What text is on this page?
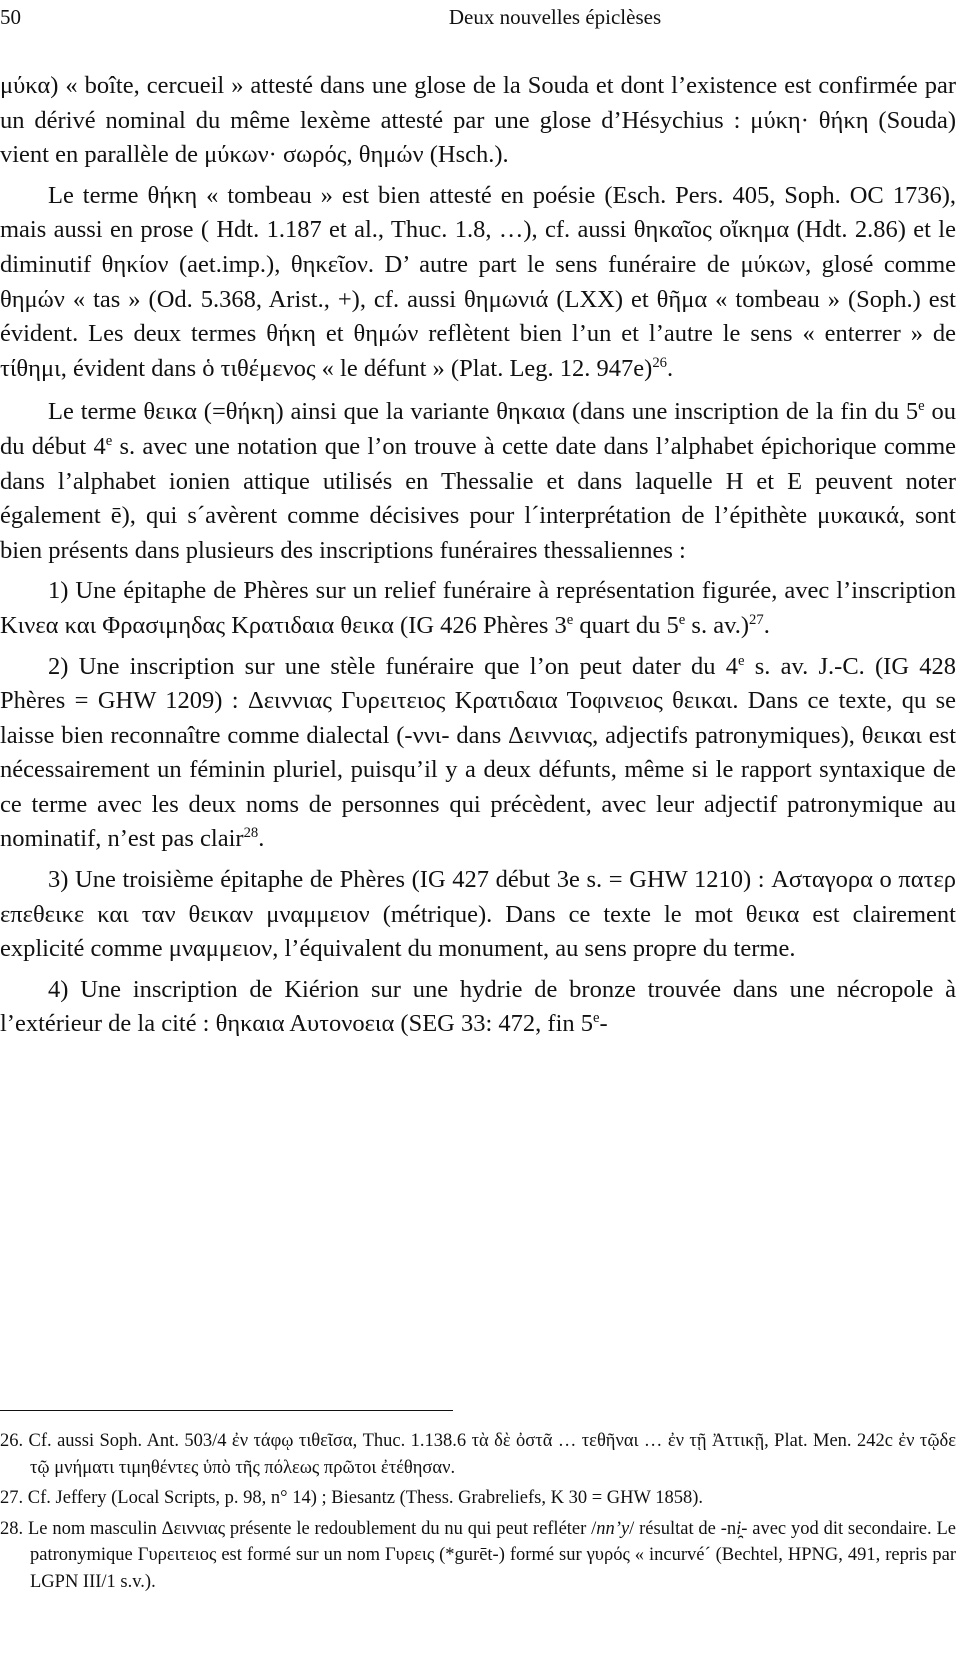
50	Deux nouvelles épiclèses

μύκα) « boîte, cercueil » attesté dans une glose de la Souda et dont l’existence est confirmée par un dérivé nominal du même lexème attesté par une glose d’Hésychius : μύκη· θήκη (Souda) vient en parallèle de μύκων· σωρός, θημών (Hsch.).

Le terme θήκη « tombeau » est bien attesté en poésie (Esch. Pers. 405, Soph. OC 1736), mais aussi en prose ( Hdt. 1.187 et al., Thuc. 1.8, …), cf. aussi θηκαῖος οἴκημα (Hdt. 2.86) et le diminutif θηκίον (aet.imp.), θηκεῖον. D’ autre part le sens funéraire de μύκων, glosé comme θημών « tas » (Od. 5.368, Arist., +), cf. aussi θημωνιά (LXX) et θῆμα « tombeau » (Soph.) est évident. Les deux termes θήκη et θημών reflètent bien l’un et l’autre le sens « enterrer » de τίθημι, évident dans ὁ τιθέμενος « le défunt » (Plat. Leg. 12. 947e)$^{26}$.

Le terme θεικα (=θήκη) ainsi que la variante θηκαια (dans une inscription de la fin du 5e ou du début 4e s. avec une notation que l’on trouve à cette date dans l’alphabet épichorique comme dans l’alphabet ionien attique utilisés en Thessalie et dans laquelle H et E peuvent noter également ē), qui s´avèrent comme décisives pour l´interprétation de l’épithète μυκαικά, sont bien présents dans plusieurs des inscriptions funéraires thessaliennes :

1) Une épitaphe de Phères sur un relief funéraire à représentation figurée, avec l’inscription Κινεα και Φρασιμηδας Κρατιδαια θεικα (IG 426 Phères 3e quart du 5e s. av.)$^{27}$.

2) Une inscription sur une stèle funéraire que l’on peut dater du 4e s. av. J.-C. (IG 428 Phères = GHW 1209) : Δειννιας Γυρειτειος Κρατιδαια Τοφινειος θεικαι. Dans ce texte, qu se laisse bien reconnaître comme dialectal (-ννι- dans Δειννιας, adjectifs patronymiques), θεικαι est nécessairement un féminin pluriel, puisqu’il y a deux défunts, même si le rapport syntaxique de ce terme avec les deux noms de personnes qui précèdent, avec leur adjectif patronymique au nominatif, n’est pas clair$^{28}$.

3) Une troisième épitaphe de Phères (IG 427 début 3e s. = GHW 1210) : Ασταγορα ο πατερ επεθεικε και ταν θεικαν μναμμειον (métrique). Dans ce texte le mot θεικα est clairement explicité comme μναμμειον, l’équivalent du monument, au sens propre du terme.

4) Une inscription de Kiérion sur une hydrie de bronze trouvée dans une nécropole à l’extérieur de la cité : θηκαια Αυτονοεια (SEG 33: 472, fin 5e-

26. Cf. aussi Soph. Ant. 503/4 ἐν τάφῳ τιθεῖσα, Thuc. 1.138.6 τὰ δὲ ὀστᾶ … τεθῆναι … ἐν τῇ Ἀττικῇ, Plat. Men. 242c ἐν τῷδε τῷ μνήματι τιμηθέντες ὑπὸ τῆς πόλεως πρῶτοι ἐτέθησαν.

27. Cf. Jeffery (Local Scripts, p. 98, n° 14) ; Biesantz (Thess. Grabreliefs, K 30 = GHW 1858).

28. Le nom masculin Δειννιας présente le redoublement du nu qui peut refléter /nn’y/ résultat de -ni̯- avec yod dit secondaire. Le patronymique Γυρειτειος est formé sur un nom Γυρεις (*gurēt-) formé sur γυρός « incurvé´ (Bechtel, HPNG, 491, repris par LGPN III/1 s.v.).
